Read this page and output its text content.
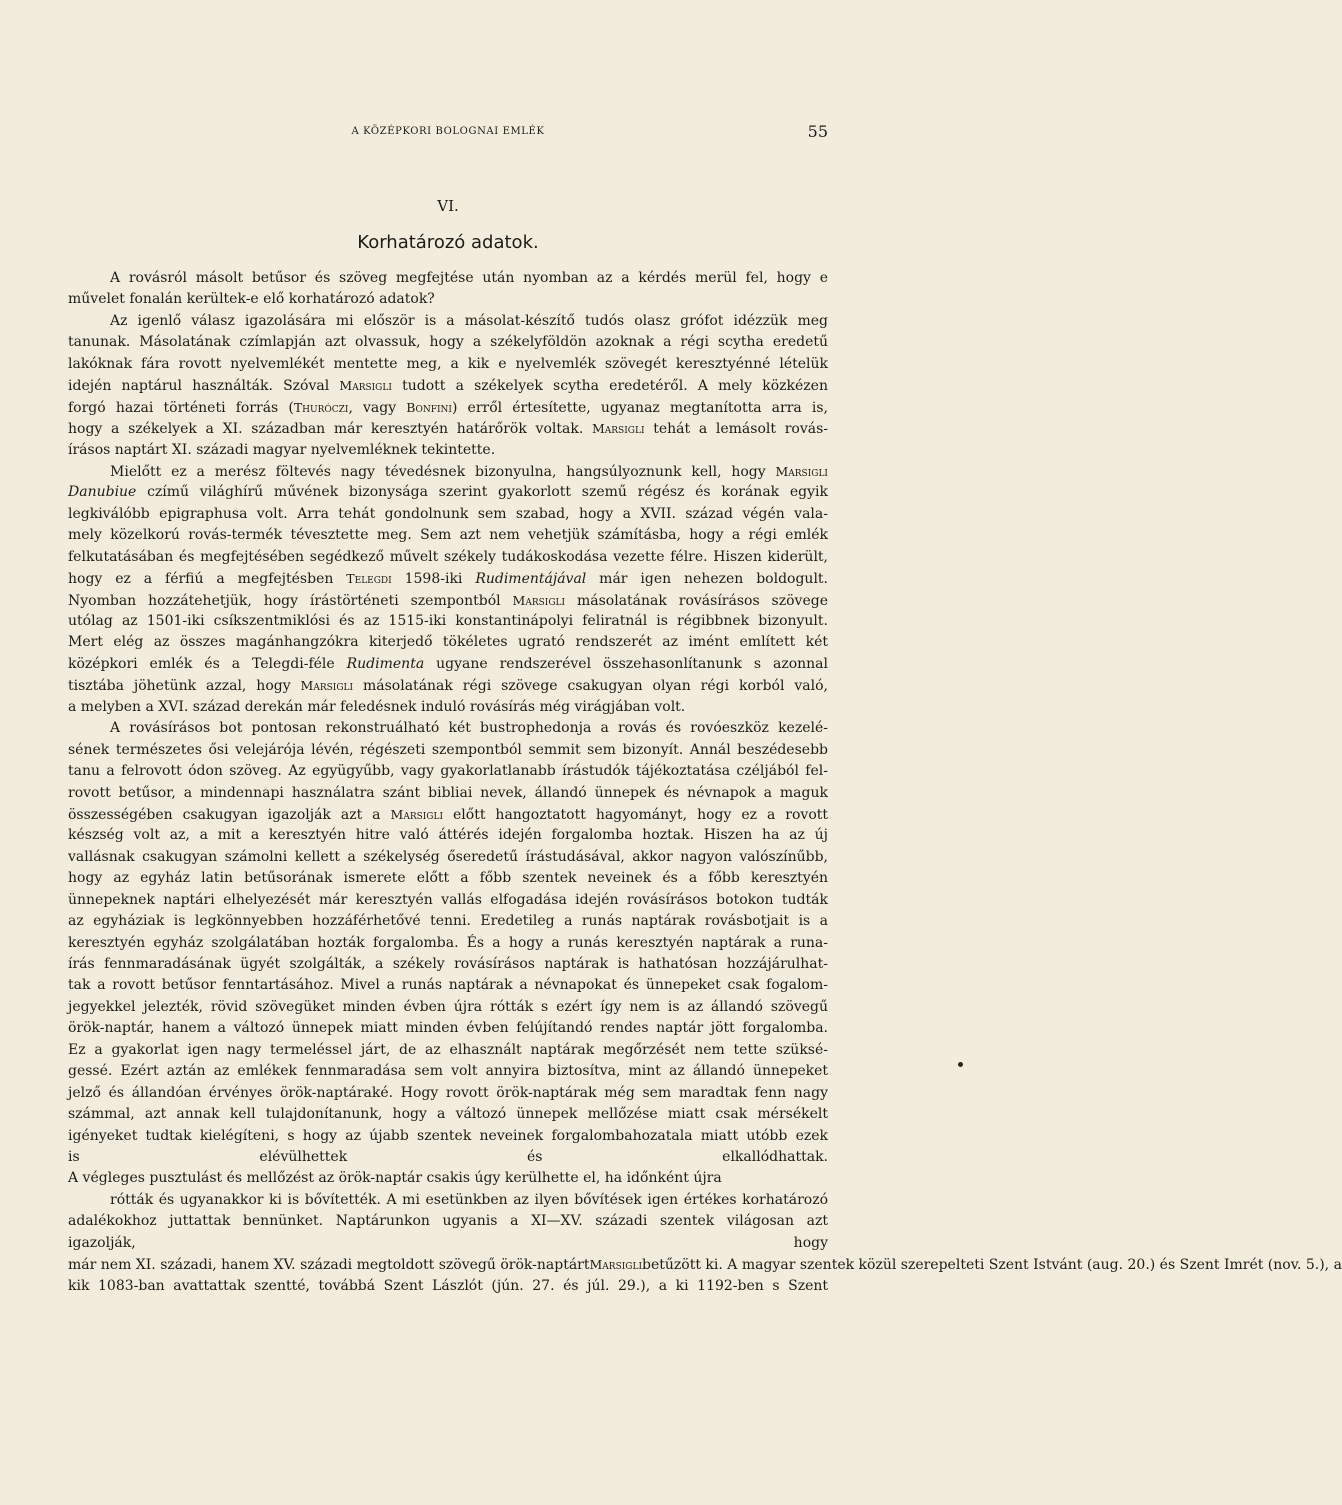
A KÖZÉPKORI BOLOGNAI EMLÉK	55
VI.
Korhatározó adatok.
A rovásról másolt betűsor és szöveg megfejtése után nyomban az a kérdés merül fel, hogy e
művelet fonalán kerültek-e elő korhatározó adatok?
Az igenlő válasz igazolására mi először is a másolat-készítő tudós olasz grófot idézzük meg
tanunak. Másolatának czímlapján azt olvassuk, hogy a székelyföldön azoknak a régi scytha eredetű
lakóknak fára rovott nyelvemlékét mentette meg, a kik e nyelvemlék szövegét keresztyénné lételük
idején naptárul használták. Szóval Marsigli tudott a székelyek scytha eredetéről. A mely közkézen
forgó hazai történeti forrás (Thuróczi, vagy Bonfini) erről értesítette, ugyanaz megtanította arra is,
hogy a székelyek a XI. században már keresztyén határőrök voltak. Marsigli tehát a lemásolt rovás-
írásos naptárt XI. századi magyar nyelvemléknek tekintette.
Mielőtt ez a merész föltevés nagy tévedésnek bizonyulna, hangsúlyoznunk kell, hogy Marsigli
Danubiue czímű világhírű művének bizonysága szerint gyakorlott szemű régész és korának egyik
legkiválóbb epigraphusa volt. Arra tehát gondolnunk sem szabad, hogy a XVII. század végén vala-
mely közelkorú rovás-termék tévesztette meg. Sem azt nem vehetjük számításba, hogy a régi emlék
felkutatásában és megfejtésében segédkező művelt székely tudákoskodása vezette félre. Hiszen kiderült,
hogy ez a férfiú a megfejtésben Telegdi 1598-iki Rudimentájával már igen nehezen boldogult.
Nyomban hozzátehetjük, hogy írástörténeti szempontból Marsigli másolatának rovásírásos szövege
utólag az 1501-iki csíkszentmiklósi és az 1515-iki konstantinápolyi feliratnál is régibbnek bizonyult.
Mert elég az összes magánhangzókra kiterjedő tökéletes ugrató rendszerét az imént említett két
középkori emlék és a Telegdi-féle Rudimenta ugyane rendszerével összehasonlítanunk s azonnal
tisztába jöhetünk azzal, hogy Marsigli másolatának régi szövege csakugyan olyan régi korból való,
a melyben a XVI. század derekán már feledésnek induló rovásírás még virágjában volt.
A rovásírásos bot pontosan rekonstruálható két bustrophedonja a rovás és rovóeszköz kezelé-
sének természetes ősi velejárója lévén, régészeti szempontból semmit sem bizonyít. Annál beszédesebb
tanu a felrovott ódon szöveg. Az együgyűbb, vagy gyakorlatlanabb írástudók tájékoztatása czéljából fel-
rovott betűsor, a mindennapi használatra szánt bibliai nevek, állandó ünnepek és névnapok a maguk
összességében csakugyan igazolják azt a Marsigli előtt hangoztatott hagyományt, hogy ez a rovott
készség volt az, a mit a keresztyén hitre való áttérés idején forgalomba hoztak. Hiszen ha az új
vallásnak csakugyan számolni kellett a székelység őseredetű írástudásával, akkor nagyon valószínűbb,
hogy az egyház latin betűsorának ismerete előtt a főbb szentek neveinek és a főbb keresztyén
ünnepeknek naptári elhelyezését már keresztyén vallás elfogadása idején rovásírásos botokon tudták
az egyháziak is legkönnyebben hozzáférhetővé tenni. Eredetileg a runás naptárak rovásbotjait is a
keresztyén egyház szolgálatában hozták forgalomba. És a hogy a runás keresztyén naptárak a runa-
írás fennmaradásának ügyét szolgálták, a székely rovásírásos naptárak is hathatósan hozzájárulhat-
tak a rovott betűsor fenntartásához. Mivel a runás naptárak a névnapokat és ünnepeket csak fogalom-
jegyekkel jelezték, rövid szövegüket minden évben újra rótták s ezért így nem is az állandó szövegű
örök-naptár, hanem a változó ünnepek miatt minden évben felújítandó rendes naptár jött forgalomba.
Ez a gyakorlat igen nagy termeléssel járt, de az elhasznált naptárak megőrzését nem tette szüksé-
gessé. Ezért aztán az emlékek fennmaradása sem volt annyira biztosítva, mint az állandó ünnepeket
jelző és állandóan érvényes örök-naptáraké. Hogy rovott örök-naptárak még sem maradtak fenn nagy
számmal, azt annak kell tulajdonítanunk, hogy a változó ünnepek mellőzése miatt csak mérsékelt
igényeket tudtak kielégíteni, s hogy az újabb szentek neveinek forgalombahozatala miatt utóbb ezek
is elévülhettek és elkallódhattak.
A végleges pusztulást és mellőzést az örök-naptár csakis úgy kerülhette el, ha időnként újra
rótták és ugyanakkor ki is bővítették. A mi esetünkben az ilyen bővítések igen értékes korhatározó
adalékokhoz juttattak bennünket. Naptárunkon ugyanis a XI—XV. századi szentek világosan azt
igazolják, hogy
már nem XI. századi, hanem XV. századi megtoldott szövegű örök-naptártMarsiglibetűzött ki. A magyar szentek közül szerepelteti Szent Istvánt (aug. 20.) és Szent Imrét (nov. 5.), a
kik 1083-ban avattattak szentté, továbbá Szent Lászlót (jún. 27. és júl. 29.), a ki 1192-ben s Szent
